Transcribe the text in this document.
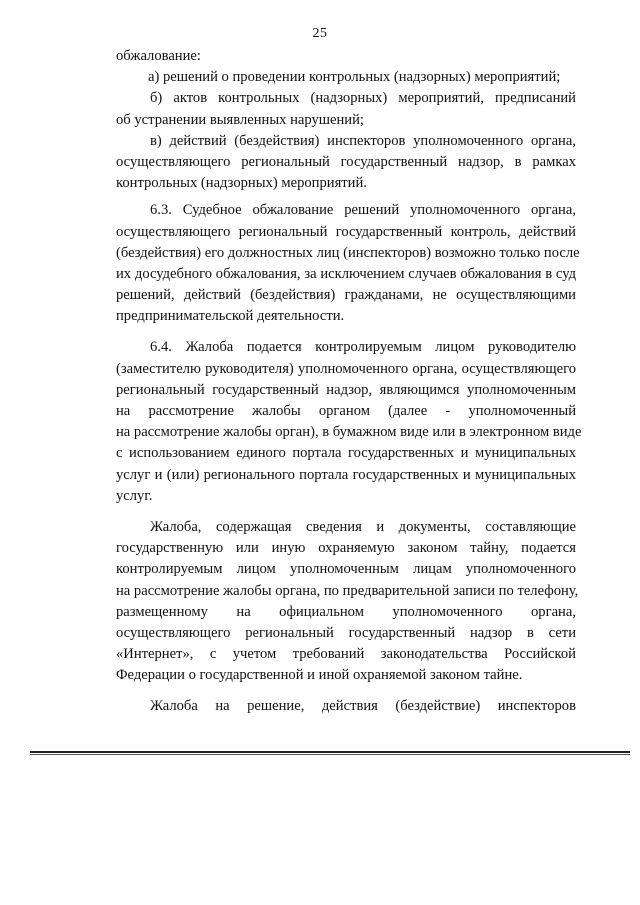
25
обжалование:
а) решений о проведении контрольных (надзорных) мероприятий;
б) актов контрольных (надзорных) мероприятий, предписаний
об устранении выявленных нарушений;
в) действий (бездействия) инспекторов уполномоченного органа,
осуществляющего региональный государственный надзор, в рамках
контрольных (надзорных) мероприятий.
6.3. Судебное обжалование решений уполномоченного органа,
осуществляющего региональный государственный контроль, действий
(бездействия) его должностных лиц (инспекторов) возможно только после
их досудебного обжалования, за исключением случаев обжалования в суд
решений, действий (бездействия) гражданами, не осуществляющими
предпринимательской деятельности.
6.4. Жалоба подается контролируемым лицом руководителю
(заместителю руководителя) уполномоченного органа, осуществляющего
региональный государственный надзор, являющимся уполномоченным
на рассмотрение жалобы органом (далее - уполномоченный
на рассмотрение жалобы орган), в бумажном виде или в электронном виде
с использованием единого портала государственных и муниципальных
услуг и (или) регионального портала государственных и муниципальных
услуг.
Жалоба, содержащая сведения и документы, составляющие
государственную или иную охраняемую законом тайну, подается
контролируемым лицом уполномоченным лицам уполномоченного
на рассмотрение жалобы органа, по предварительной записи по телефону,
размещенному на официальном уполномоченного органа,
осуществляющего региональный государственный надзор в сети
«Интернет», с учетом требований законодательства Российской
Федерации о государственной и иной охраняемой законом тайне.
Жалоба на решение, действия (бездействие) инспекторов
